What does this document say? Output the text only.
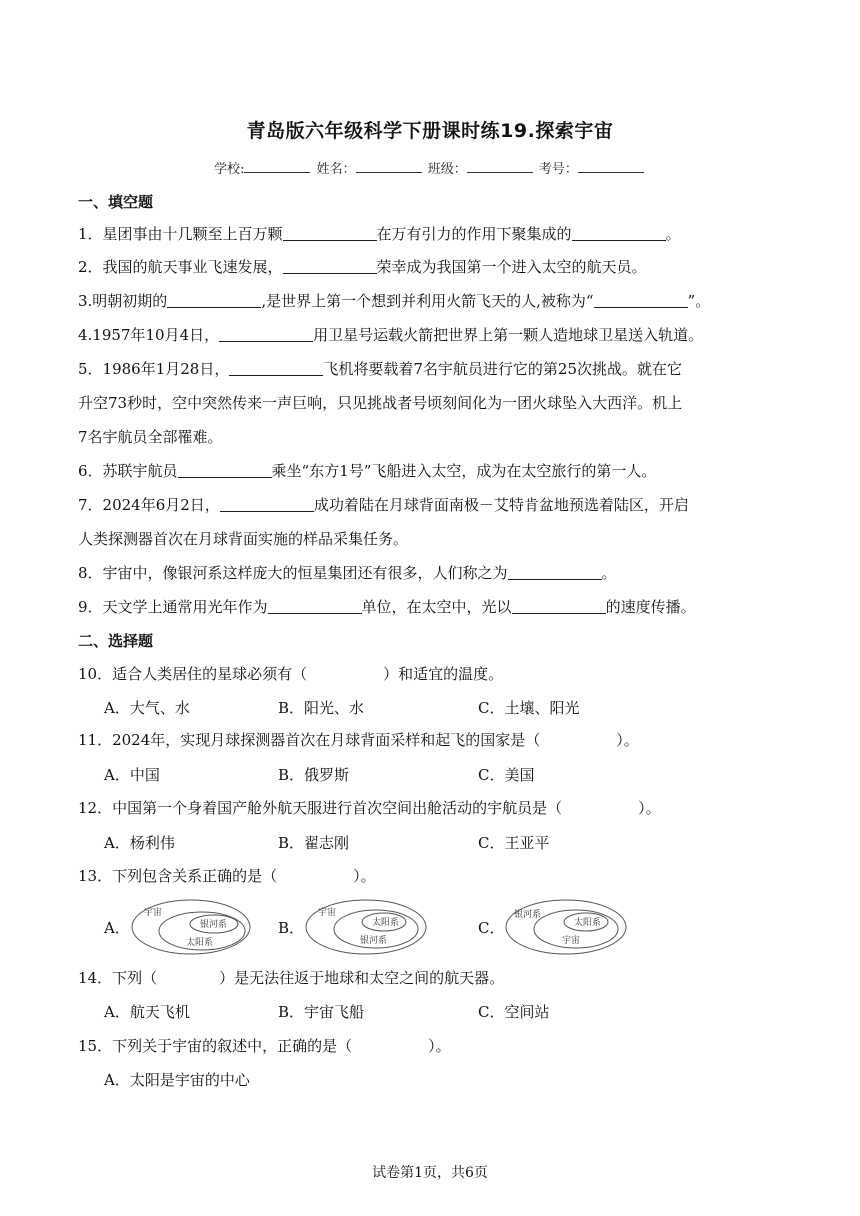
青岛版六年级科学下册课时练19.探索宇宙
学校:	姓名：	班级：	考号：
一、填空题
1．星团事由十几颗至上百万颗	在万有引力的作用下聚集成的	。
2．我国的航天事业飞速发展，	荣幸成为我国第一个进入太空的航天员。
3.明朝初期的	,是世界上第一个想到并利用火箭飞天的人,被称为“	”。
4.1957年10月4日，	用卫星号运载火箭把世界上第一颗人造地球卫星送入轨道。
5．1986年1月28日，	飞机将要载着7名宇航员进行它的第25次挑战。就在它
升空73秒时，空中突然传来一声巨响，只见挑战者号顷刻间化为一团火球坠入大西洋。机上
7名宇航员全部罹难。
6．苏联宇航员	乘坐“东方1号”飞船进入太空，成为在太空旅行的第一人。
7．2024年6月2日，	成功着陆在月球背面南极－艾特肯盆地预选着陆区，开启
人类探测器首次在月球背面实施的样品采集任务。
8．宇宙中，像银河系这样庞大的恒星集团还有很多，人们称之为	。
9．天文学上通常用光年作为	单位，在太空中，光以	的速度传播。
二、选择题
10．适合人类居住的星球必须有（	）和适宜的温度。
A．大气、水	B．阳光、水	C．土壤、阳光
11．2024年，实现月球探测器首次在月球背面采样和起飞的国家是（	）。
A．中国	B．俄罗斯	C．美国
12．中国第一个身着国产舱外航天服进行首次空间出舱活动的宇航员是（	）。
A．杨利伟	B．翟志刚	C．王亚平
13．下列包含关系正确的是（	）。
A．	B．	C．
宇宙
银河系
太阳系
宇宙
太阳系
银河系
银河系
太阳系
宇宙
14．下列（	）是无法往返于地球和太空之间的航天器。
A．航天飞机	B．宇宙飞船	C．空间站
15．下列关于宇宙的叙述中，正确的是（	）。
A．太阳是宇宙的中心
试卷第1页，共6页
